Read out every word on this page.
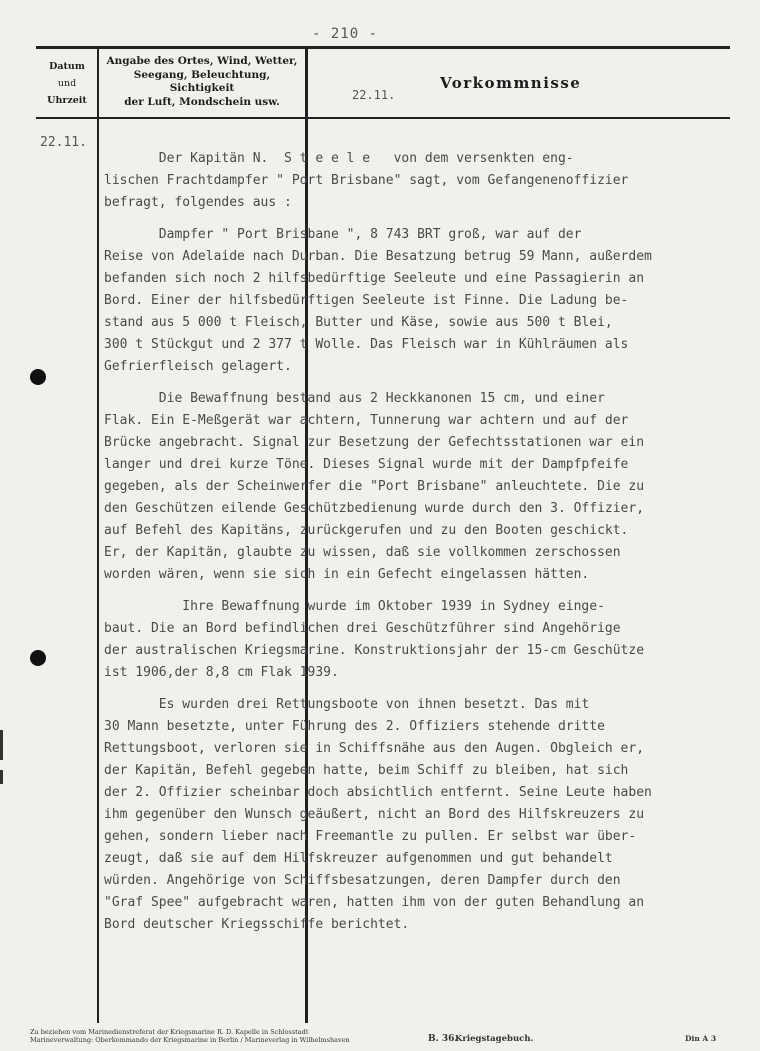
- 210 -
Datum
und
Uhrzeit
Angabe des Ortes, Wind, Wetter,
Seegang, Beleuchtung, Sichtigkeit
der Luft, Mondschein usw.
Vorkommnisse
22.11.
22.11.

Der Kapitän N.  S t e e l e   von dem versenkten eng-

lischen Frachtdampfer " Port Brisbane" sagt, vom Gefangenenoffizier

befragt, folgendes aus :

Dampfer " Port Brisbane ", 8 743 BRT groß, war auf der

Reise von Adelaide nach Durban. Die Besatzung betrug 59 Mann, außerdem

befanden sich noch 2 hilfsbedürftige Seeleute und eine Passagierin an

Bord. Einer der hilfsbedürftigen Seeleute ist Finne. Die Ladung be-

stand aus 5 000 t Fleisch, Butter und Käse, sowie aus 500 t Blei,

300 t Stückgut und 2 377 t Wolle. Das Fleisch war in Kühlräumen als

Gefrierfleisch gelagert.

Die Bewaffnung bestand aus 2 Heckkanonen 15 cm, und einer

Flak. Ein E-Meßgerät war achtern, Tunnerung war achtern und auf der

Brücke angebracht. Signal zur Besetzung der Gefechtsstationen war ein

langer und drei kurze Töne. Dieses Signal wurde mit der Dampfpfeife

gegeben, als der Scheinwerfer die "Port Brisbane" anleuchtete. Die zu

den Geschützen eilende Geschützbedienung wurde durch den 3. Offizier,

auf Befehl des Kapitäns, zurückgerufen und zu den Booten geschickt.

Er, der Kapitän, glaubte zu wissen, daß sie vollkommen zerschossen

worden wären, wenn sie sich in ein Gefecht eingelassen hätten.

Ihre Bewaffnung wurde im Oktober 1939 in Sydney einge-

baut. Die an Bord befindlichen drei Geschützführer sind Angehörige

der australischen Kriegsmarine. Konstruktionsjahr der 15-cm Geschütze

ist 1906,der 8,8 cm Flak 1939.

Es wurden drei Rettungsboote von ihnen besetzt. Das mit

30 Mann besetzte, unter Führung des 2. Offiziers stehende dritte

Rettungsboot, verloren sie in Schiffsnähe aus den Augen. Obgleich er,

der Kapitän, Befehl gegeben hatte, beim Schiff zu bleiben, hat sich

der 2. Offizier scheinbar doch absichtlich entfernt. Seine Leute haben

ihm gegenüber den Wunsch geäußert, nicht an Bord des Hilfskreuzers zu

gehen, sondern lieber nach Freemantle zu pullen. Er selbst war über-

zeugt, daß sie auf dem Hilfskreuzer aufgenommen und gut behandelt

würden. Angehörige von Schiffsbesatzungen, deren Dampfer durch den

"Graf Spee" aufgebracht waren, hatten ihm von der guten Behandlung an

Bord deutscher Kriegsschiffe berichtet.

Zu beziehen vom Marinedienstreferat der Kriegsmarine R. D. Kapelle in Schlosstadt
Marineverwaltung: Oberkommando der Kriegsmarine in Berlin / Marineverlag in Wilhelmshaven	B. 36.
Kriegstagebuch.	Din A 3
